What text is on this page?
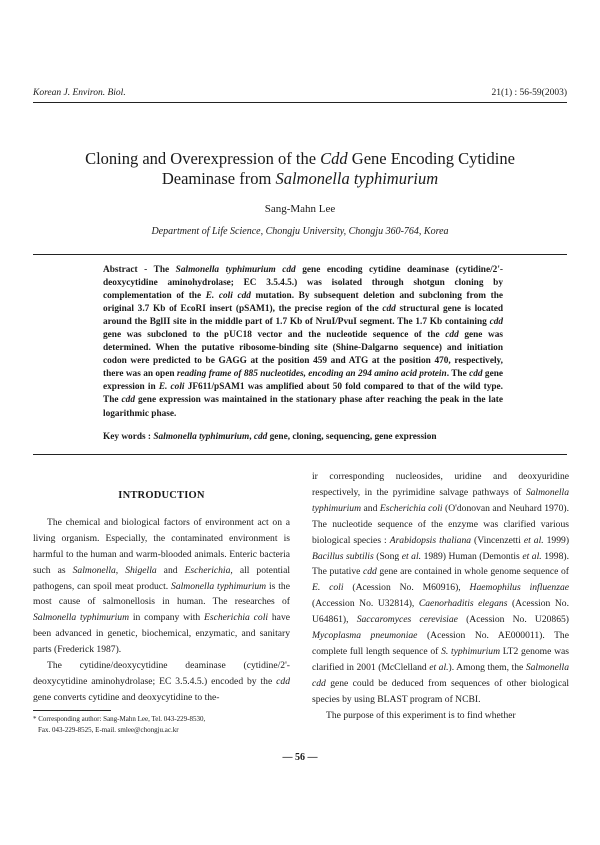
Korean J. Environ. Biol.	21(1) : 56-59(2003)
Cloning and Overexpression of the Cdd Gene Encoding Cytidine
Deaminase from Salmonella typhimurium
Sang-Mahn Lee
Department of Life Science, Chongju University, Chongju 360-764, Korea

Abstract - The Salmonella typhimurium cdd gene encoding cytidine deaminase (cytidine/2'-deoxycytidine aminohydrolase; EC 3.5.4.5.) was isolated through shotgun cloning by complementation of the E. coli cdd mutation. By subsequent deletion and subcloning from the original 3.7 Kb of EcoRI insert (pSAM1), the precise region of the cdd structural gene is located around the BglII site in the middle part of 1.7 Kb of NruI/PvuI segment. The 1.7 Kb containing cdd gene was subcloned to the pUC18 vector and the nucleotide sequence of the cdd gene was determined. When the putative ribosome-binding site (Shine-Dalgarno sequence) and initiation codon were predicted to be GAGG at the position 459 and ATG at the position 470, respectively, there was an open reading frame of 885 nucleotides, encoding an 294 amino acid protein. The cdd gene expression in E. coli JF611/pSAM1 was amplified about 50 fold compared to that of the wild type. The cdd gene expression was maintained in the stationary phase after reaching the peak in the late logarithmic phase.

Key words : Salmonella typhimurium, cdd gene, cloning, sequencing, gene expression
INTRODUCTION

The chemical and biological factors of environment act on a living organism. Especially, the contaminated environment is harmful to the human and warm-blooded animals. Enteric bacteria such as Salmonella, Shigella and Escherichia, all potential pathogens, can spoil meat product. Salmonella typhimurium is the most cause of salmonellosis in human. The researches of Salmonella typhimurium in company with Escherichia coli have been advanced in genetic, biochemical, enzymatic, and sanitary parts (Frederick 1987).

The cytidine/deoxycytidine deaminase (cytidine/2'-deoxycytidine aminohydrolase; EC 3.5.4.5.) encoded by the cdd gene converts cytidine and deoxycytidine to the-

ir corresponding nucleosides, uridine and deoxyuridine respectively, in the pyrimidine salvage pathways of Salmonella typhimurium and Escherichia coli (O'donovan and Neuhard 1970). The nucleotide sequence of the enzyme was clarified various biological species : Arabidopsis thaliana (Vincenzetti et al. 1999) Bacillus subtilis (Song et al. 1989) Human (Demontis et al. 1998). The putative cdd gene are contained in whole genome sequence of E. coli (Acession No. M60916), Haemophilus influenzae (Accession No. U32814), Caenorhaditis elegans (Acession No. U64861), Saccaromyces cerevisiae (Acession No. U20865) Mycoplasma pneumoniae (Acession No. AE000011). The complete full length sequence of S. typhimurium LT2 genome was clarified in 2001 (McClelland et al.). Among them, the Salmonella cdd gene could be deduced from sequences of other biological species by using BLAST program of NCBI.

The purpose of this experiment is to find whether

* Corresponding author: Sang-Mahn Lee, Tel. 043-229-8530,
Fax. 043-229-8525, E-mail. smlee@chongju.ac.kr
— 56 —
